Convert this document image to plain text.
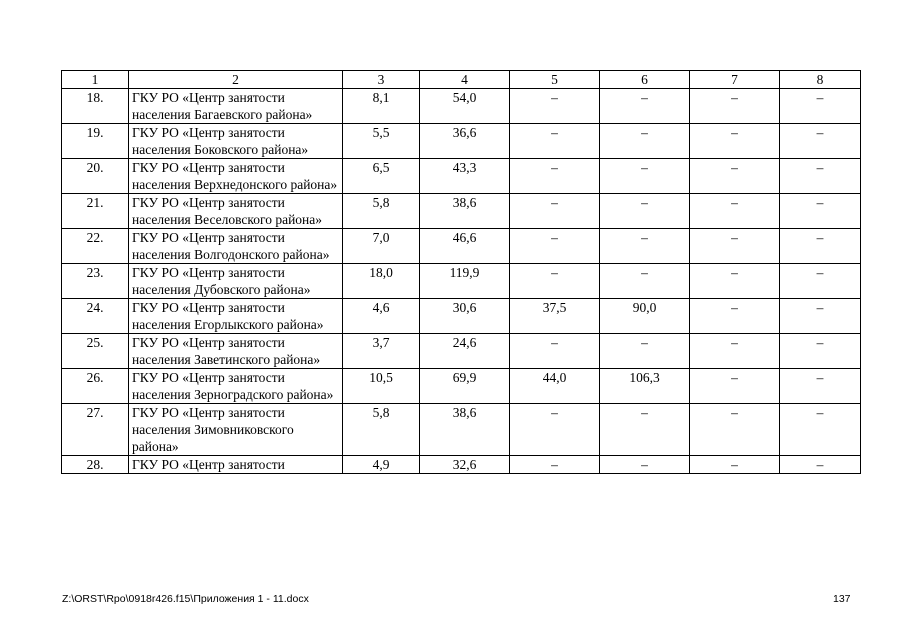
1	2	3	4	5	6	7	8
18.	ГКУ РО «Центр занятости населения Багаевского района»	8,1	54,0	–	–	–	–
19.	ГКУ РО «Центр занятости населения Боковского района»	5,5	36,6	–	–	–	–
20.	ГКУ РО «Центр занятости населения Верхнедонского района»	6,5	43,3	–	–	–	–
21.	ГКУ РО «Центр занятости населения Веселовского района»	5,8	38,6	–	–	–	–
22.	ГКУ РО «Центр занятости населения Волгодонского района»	7,0	46,6	–	–	–	–
23.	ГКУ РО «Центр занятости населения Дубовского района»	18,0	119,9	–	–	–	–
24.	ГКУ РО «Центр занятости населения Егорлыкского района»	4,6	30,6	37,5	90,0	–	–
25.	ГКУ РО «Центр занятости населения Заветинского района»	3,7	24,6	–	–	–	–
26.	ГКУ РО «Центр занятости населения Зерноградского района»	10,5	69,9	44,0	106,3	–	–
27.	ГКУ РО «Центр занятости населения Зимовниковского района»	5,8	38,6	–	–	–	–
28.	ГКУ РО «Центр занятости	4,9	32,6	–	–	–	–
Z:\ORST\Rpo\0918r426.f15\Приложения 1 - 11.docx	137
